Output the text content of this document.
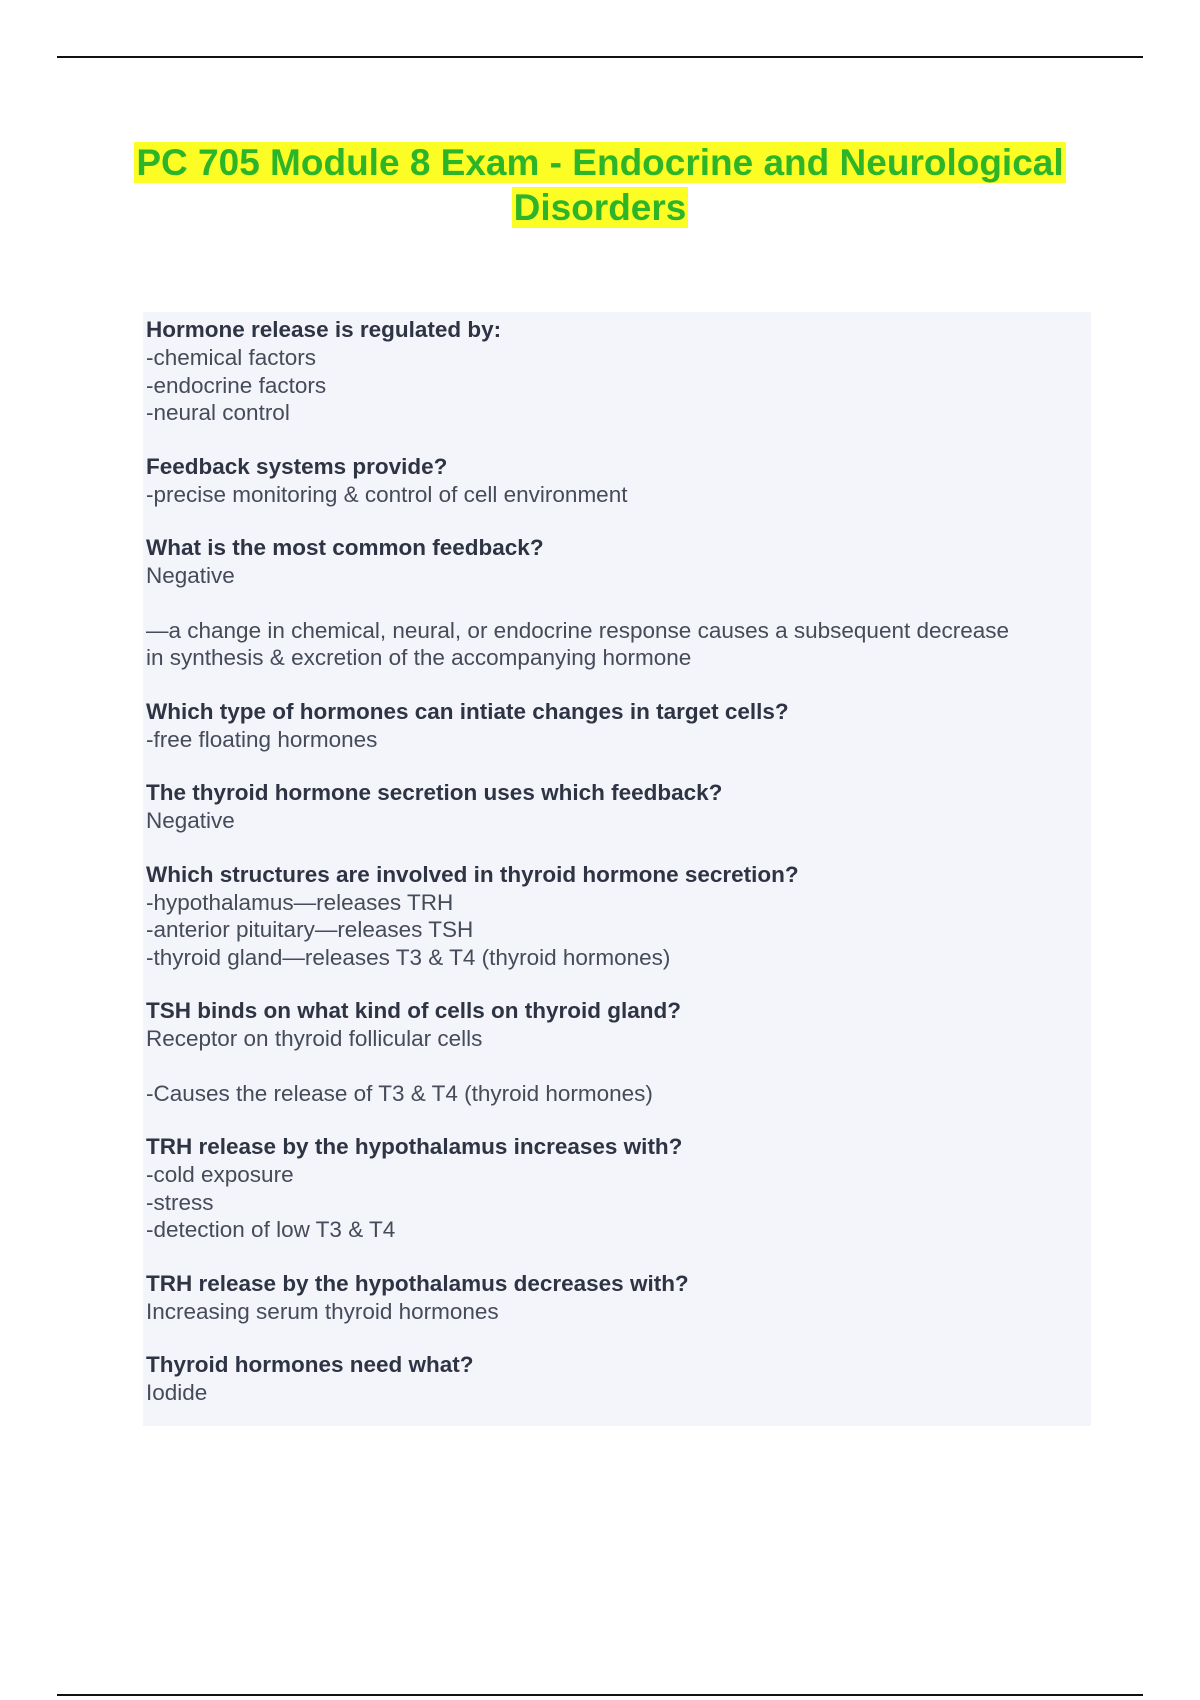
PC 705 Module 8 Exam - Endocrine and Neurological
Disorders

Hormone release is regulated by:

-chemical factors

-endocrine factors

-neural control

Feedback systems provide?

-precise monitoring & control of cell environment

What is the most common feedback?

Negative

—a change in chemical, neural, or endocrine response causes a subsequent decrease

in synthesis & excretion of the accompanying hormone

Which type of hormones can intiate changes in target cells?

-free floating hormones

The thyroid hormone secretion uses which feedback?

Negative

Which structures are involved in thyroid hormone secretion?

-hypothalamus—releases TRH

-anterior pituitary—releases TSH

-thyroid gland—releases T3 & T4 (thyroid hormones)

TSH binds on what kind of cells on thyroid gland?

Receptor on thyroid follicular cells

-Causes the release of T3 & T4 (thyroid hormones)

TRH release by the hypothalamus increases with?

-cold exposure

-stress

-detection of low T3 & T4

TRH release by the hypothalamus decreases with?

Increasing serum thyroid hormones

Thyroid hormones need what?

Iodide
